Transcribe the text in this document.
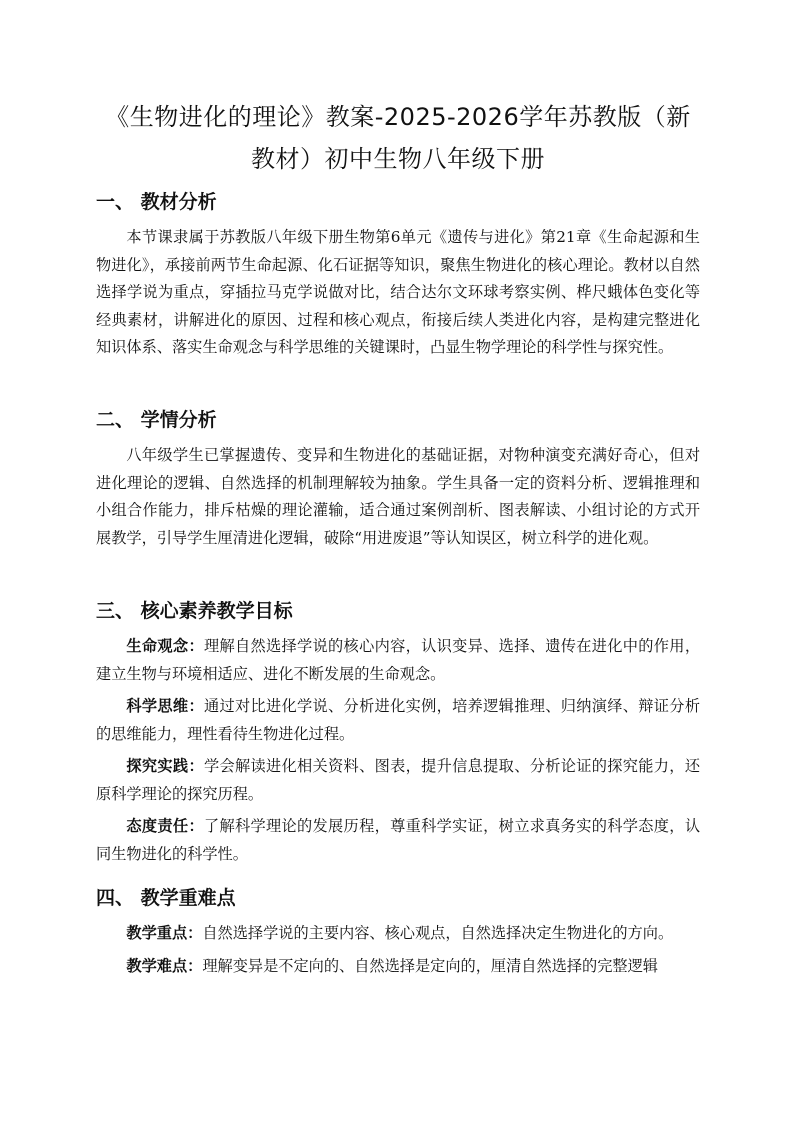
《生物进化的理论》教案-2025-2026学年苏教版（新教材）初中生物八年级下册
一、 教材分析

本节课隶属于苏教版八年级下册生物第6单元《遗传与进化》第21章《生命起源和生物进化》，承接前两节生命起源、化石证据等知识，聚焦生物进化的核心理论。教材以自然选择学说为重点，穿插拉马克学说做对比，结合达尔文环球考察实例、桦尺蛾体色变化等经典素材，讲解进化的原因、过程和核心观点，衔接后续人类进化内容，是构建完整进化知识体系、落实生命观念与科学思维的关键课时，凸显生物学理论的科学性与探究性。

二、 学情分析

八年级学生已掌握遗传、变异和生物进化的基础证据，对物种演变充满好奇心，但对进化理论的逻辑、自然选择的机制理解较为抽象。学生具备一定的资料分析、逻辑推理和小组合作能力，排斥枯燥的理论灌输，适合通过案例剖析、图表解读、小组讨论的方式开展教学，引导学生厘清进化逻辑，破除“用进废退”等认知误区，树立科学的进化观。

三、 核心素养教学目标

生命观念：理解自然选择学说的核心内容，认识变异、选择、遗传在进化中的作用，建立生物与环境相适应、进化不断发展的生命观念。

科学思维：通过对比进化学说、分析进化实例，培养逻辑推理、归纳演绎、辩证分析的思维能力，理性看待生物进化过程。

探究实践：学会解读进化相关资料、图表，提升信息提取、分析论证的探究能力，还原科学理论的探究历程。

态度责任：了解科学理论的发展历程，尊重科学实证，树立求真务实的科学态度，认同生物进化的科学性。

四、 教学重难点

教学重点：自然选择学说的主要内容、核心观点，自然选择决定生物进化的方向。

教学难点：理解变异是不定向的、自然选择是定向的，厘清自然选择的完整逻辑
